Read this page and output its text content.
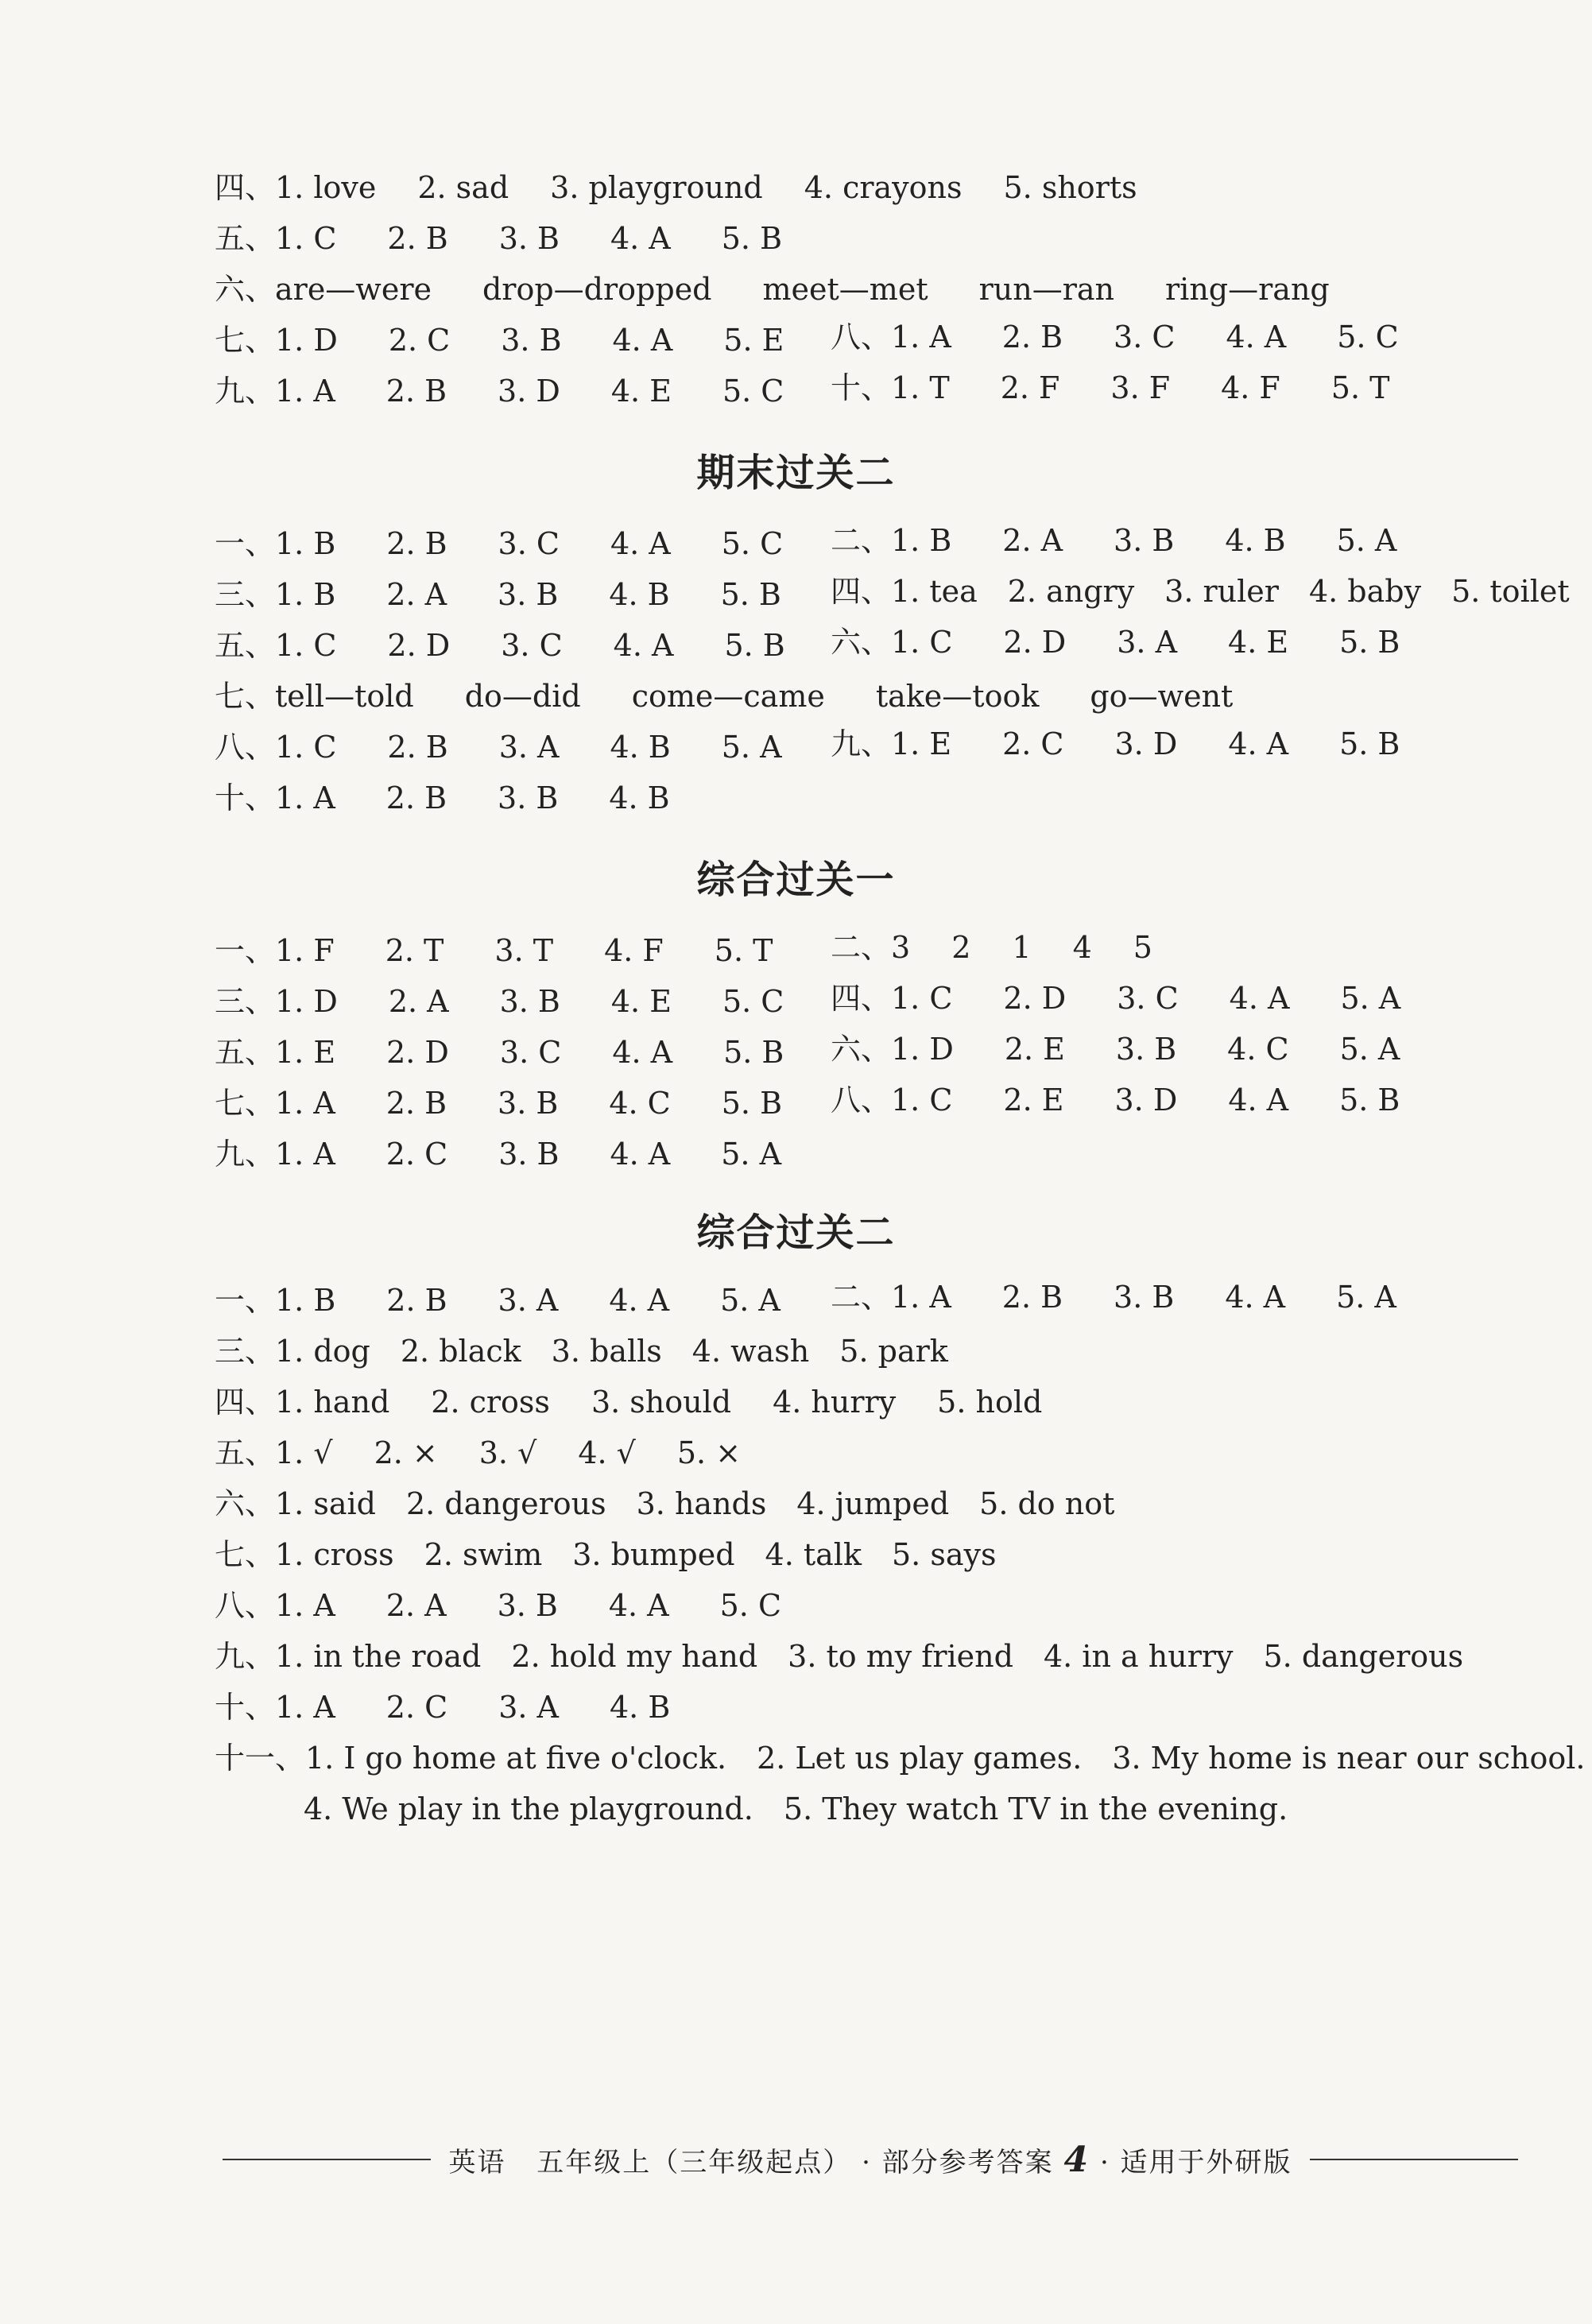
四、1. love 2. sad 3. playground 4. crayons 5. shorts
五、1. C 2. B 3. B 4. A 5. B
六、are—were drop—dropped meet—met run—ran ring—rang
七、1. D 2. C 3. B 4. A 5. E 八、1. A 2. B 3. C 4. A 5. C
九、1. A 2. B 3. D 4. E 5. C 十、1. T 2. F 3. F 4. F 5. T
期末过关二
一、1. B 2. B 3. C 4. A 5. C 二、1. B 2. A 3. B 4. B 5. A
三、1. B 2. A 3. B 4. B 5. B 四、1. tea 2. angry 3. ruler 4. baby 5. toilet
五、1. C 2. D 3. C 4. A 5. B 六、1. C 2. D 3. A 4. E 5. B
七、tell—told do—did come—came take—took go—went
八、1. C 2. B 3. A 4. B 5. A 九、1. E 2. C 3. D 4. A 5. B
十、1. A 2. B 3. B 4. B
综合过关一
一、1. F 2. T 3. T 4. F 5. T 二、3 2 1 4 5
三、1. D 2. A 3. B 4. E 5. C 四、1. C 2. D 3. C 4. A 5. A
五、1. E 2. D 3. C 4. A 5. B 六、1. D 2. E 3. B 4. C 5. A
七、1. A 2. B 3. B 4. C 5. B 八、1. C 2. E 3. D 4. A 5. B
九、1. A 2. C 3. B 4. A 5. A
综合过关二
一、1. B 2. B 3. A 4. A 5. A 二、1. A 2. B 3. B 4. A 5. A
三、1. dog 2. black 3. balls 4. wash 5. park
四、1. hand 2. cross 3. should 4. hurry 5. hold
五、1. √ 2. × 3. √ 4. √ 5. ×
六、1. said 2. dangerous 3. hands 4. jumped 5. do not
七、1. cross 2. swim 3. bumped 4. talk 5. says
八、1. A 2. A 3. B 4. A 5. C
九、1. in the road 2. hold my hand 3. to my friend 4. in a hurry 5. dangerous
十、1. A 2. C 3. A 4. B
十一、1. I go home at five o'clock. 2. Let us play games. 3. My home is near our school.
4. We play in the playground. 5. They watch TV in the evening.
英语 五年级上（三年级起点） · 部分参考答案 4 · 适用于外研版
